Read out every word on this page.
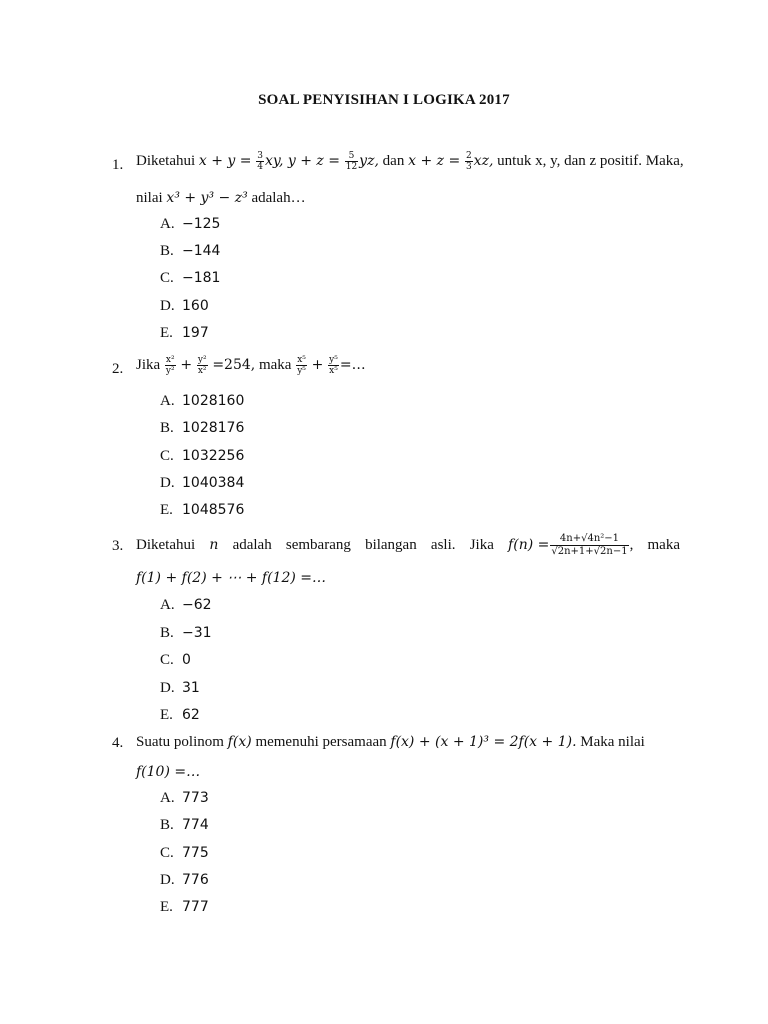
SOAL PENYISIHAN I LOGIKA 2017
1. Diketahui $x + y = \frac{3}{4}$ xy, $y + z = \frac{5}{12}$ yz, dan $x + z = \frac{2}{3}$ xz, untuk x, y, dan z positif. Maka,
nilai x³ + y³ − z³ adalah…
A. −125
B. −144
C. −181
D. 160
E. 197
2. Jika $\frac{\text{x²}}{\text{y²}} + \frac{\text{y²}}{\text{x²}} =254$, maka $\frac{\text{x⁵}}{\text{y⁵}} + \frac{\text{y⁵}}{\text{x⁵}}$ =…
A. 1028160
B. 1028176
C. 1032256
D. 1040384
E. 1048576
3. Diketahui n adalah sembarang bilangan asli. Jika $f(n) = \frac{\text{4n+√4n²−1}}{√2n+1+√2n-1}$ , maka
f(1) + f(2) + ⋯ + f(12) =…
A. −62
B. −31
C. 0
D. 31
E. 62
4. Suatu polinom f(x) memenuhi persamaan f(x) + (x + 1)³ = 2f(x + 1). Maka nilai
f(10) =…
A. 773
B. 774
C. 775
D. 776
E. 777
